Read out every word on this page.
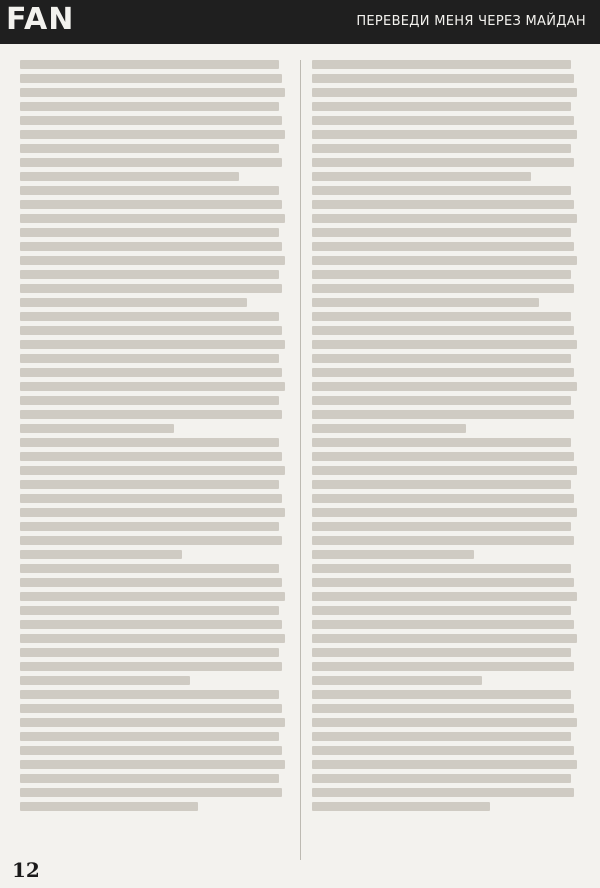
FAN	ПЕРЕВЕДИ МЕНЯ ЧЕРЕЗ МАЙДАН
12
